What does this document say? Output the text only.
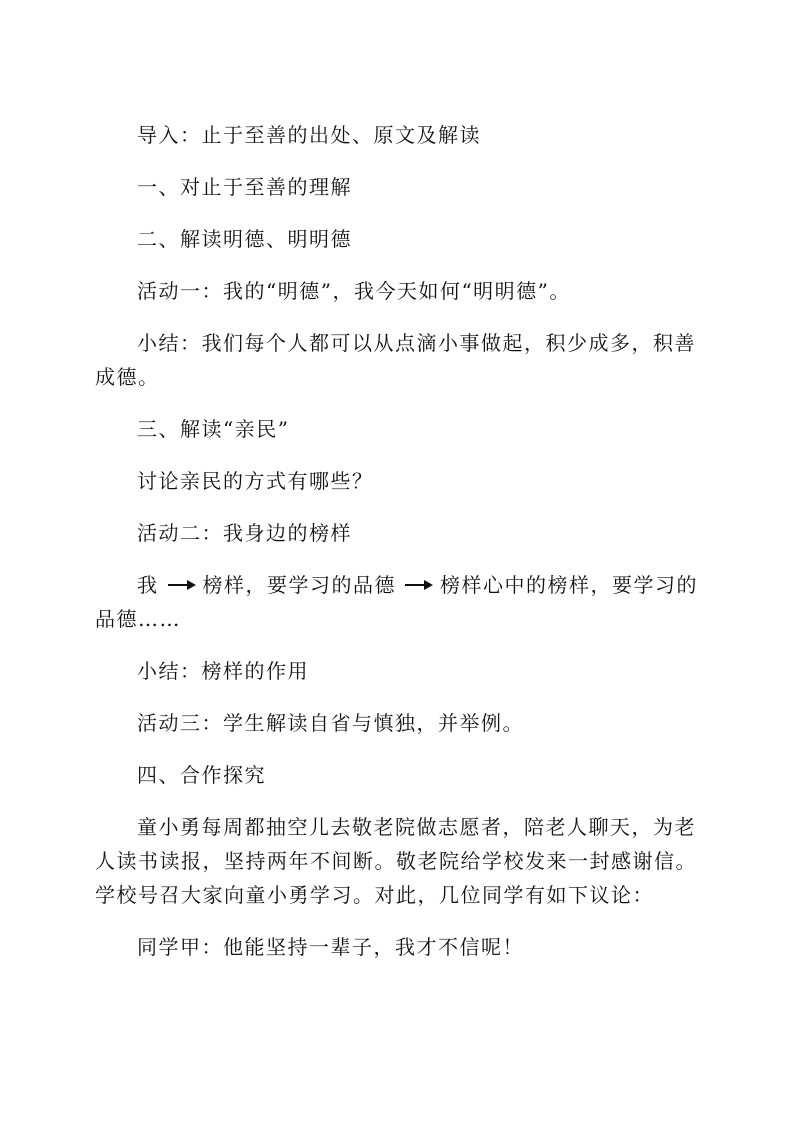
导入：止于至善的出处、原文及解读

一、对止于至善的理解

二、解读明德、明明德

活动一：我的“明德”，我今天如何“明明德”。

小结：我们每个人都可以从点滴小事做起，积少成多，积善成德。

三、解读“亲民”

讨论亲民的方式有哪些？

活动二：我身边的榜样

我 榜样，要学习的品德 榜样心中的榜样，要学习的品德……

小结：榜样的作用

活动三：学生解读自省与慎独，并举例。

四、合作探究

童小勇每周都抽空儿去敬老院做志愿者，陪老人聊天，为老人读书读报，坚持两年不间断。敬老院给学校发来一封感谢信。学校号召大家向童小勇学习。对此，几位同学有如下议论：

同学甲：他能坚持一辈子，我才不信呢！
